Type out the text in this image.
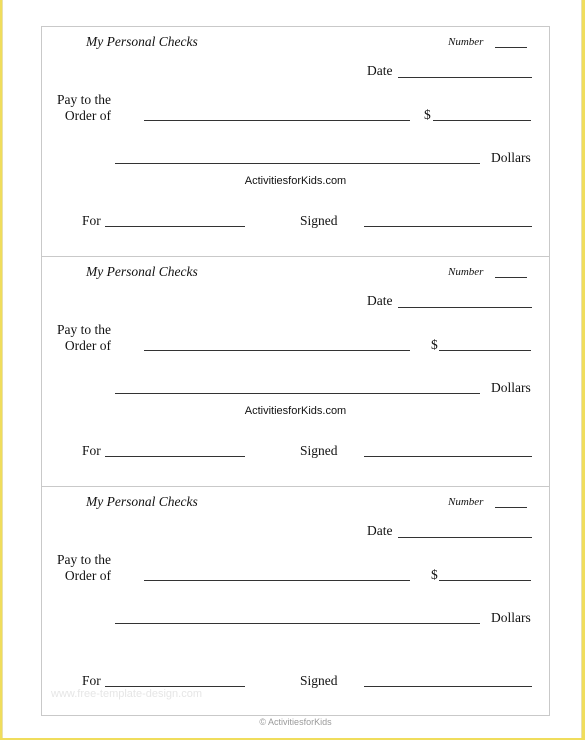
My Personal Checks	Number
Date
Pay to the
Order of	$
Dollars
ActivitiesforKids.com
For	Signed
My Personal Checks	Number
Date
Pay to the
Order of	$
Dollars
ActivitiesforKids.com
For	Signed
My Personal Checks	Number
Date
Pay to the
Order of	$
Dollars
For	Signed
www.free-template-design.com
© ActivitiesforKids
